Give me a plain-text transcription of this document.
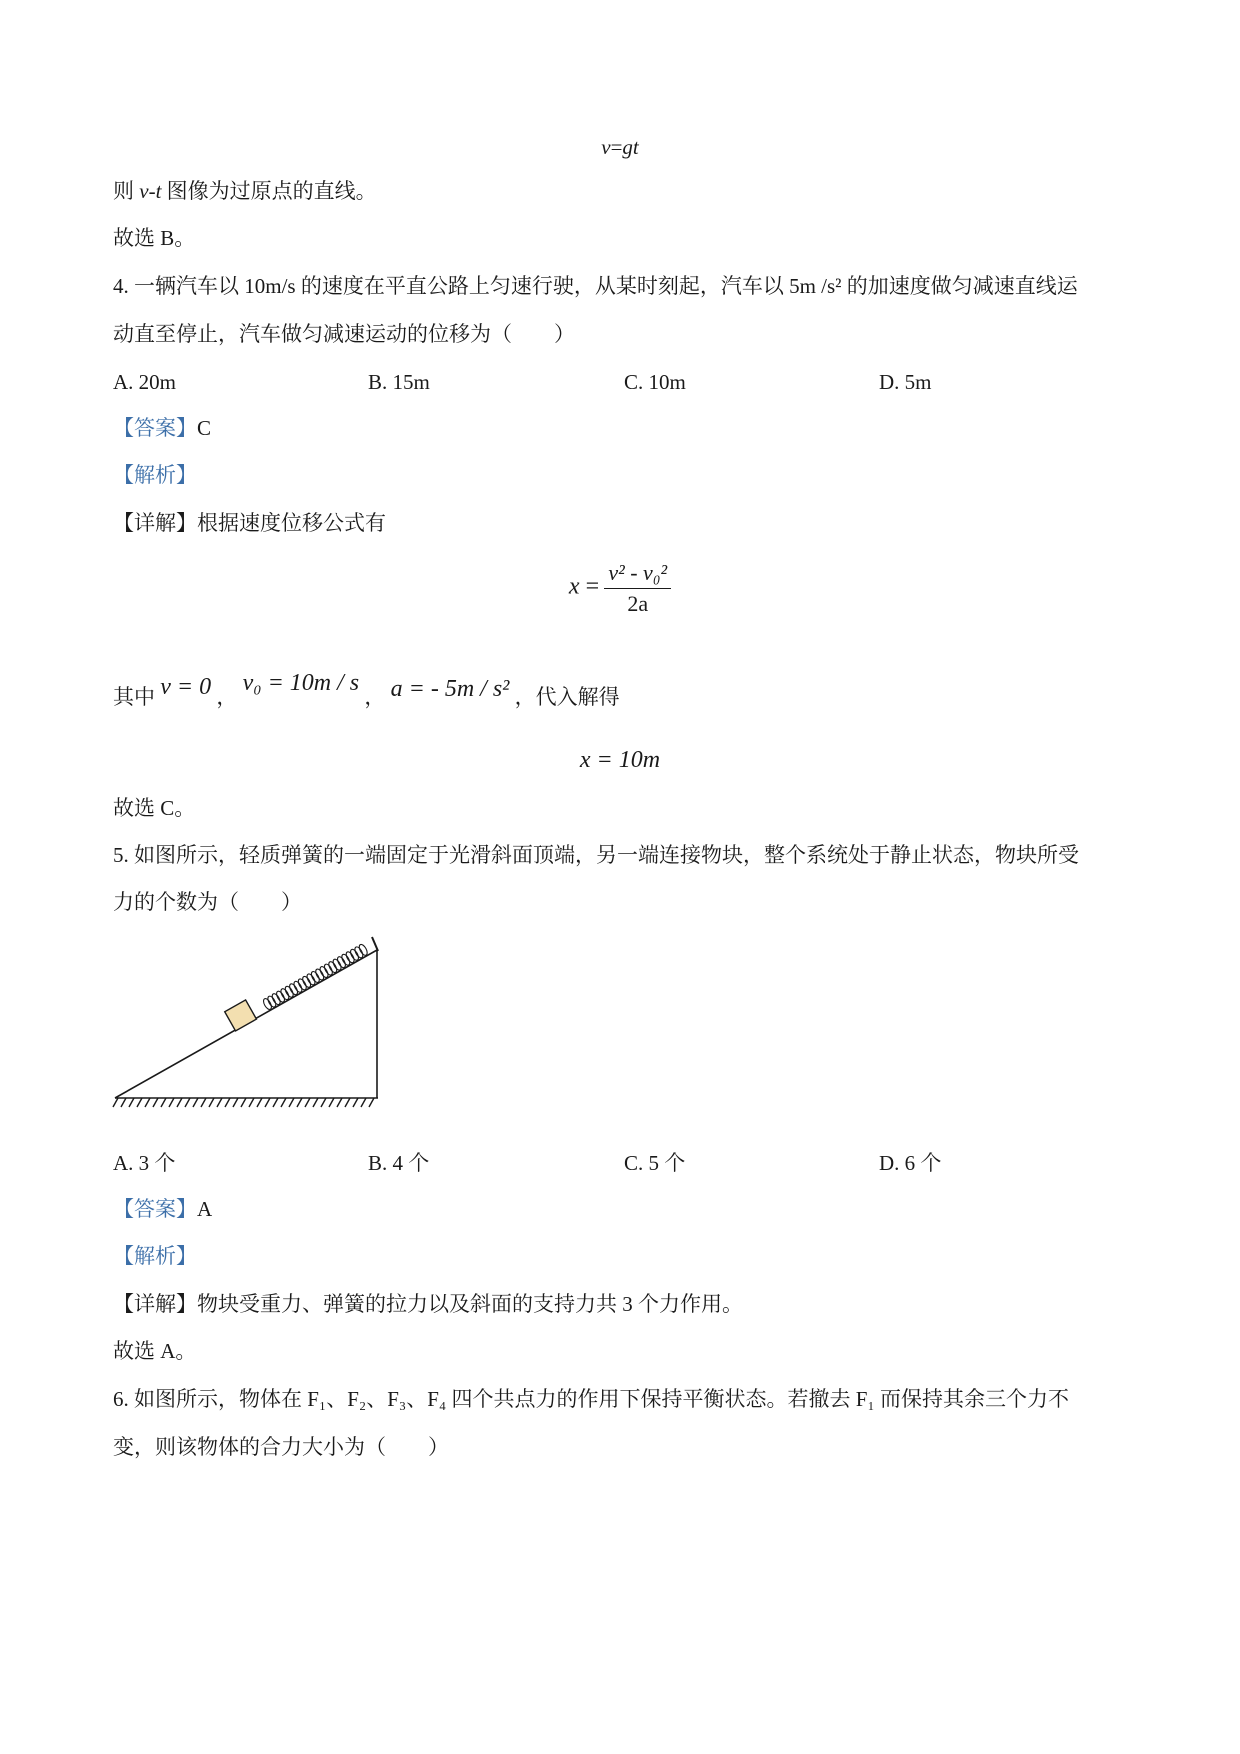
v=gt
则 v-t 图像为过原点的直线。
故选 B。
4. 一辆汽车以 10m/s 的速度在平直公路上匀速行驶，从某时刻起，汽车以 5m /s² 的加速度做匀减速直线运
动直至停止，汽车做匀减速运动的位移为（　　）
A. 20m	B. 15m	C. 10m	D. 5m
【答案】C
【解析】
【详解】根据速度位移公式有
$x = \frac{\text{v² - v₀²}}{2a}$
其中 v = 0 ， v₀ = 10m / s ， a = - 5m / s² ，代入解得
x = 10m
故选 C。
5. 如图所示，轻质弹簧的一端固定于光滑斜面顶端，另一端连接物块，整个系统处于静止状态，物块所受
力的个数为（　　）
A. 3 个	B. 4 个	C. 5 个	D. 6 个
【答案】A
【解析】
【详解】物块受重力、弹簧的拉力以及斜面的支持力共 3 个力作用。
故选 A。
6. 如图所示，物体在 F₁、F₂、F₃、F₄ 四个共点力的作用下保持平衡状态。若撤去 F₁ 而保持其余三个力不
变，则该物体的合力大小为（　　）
